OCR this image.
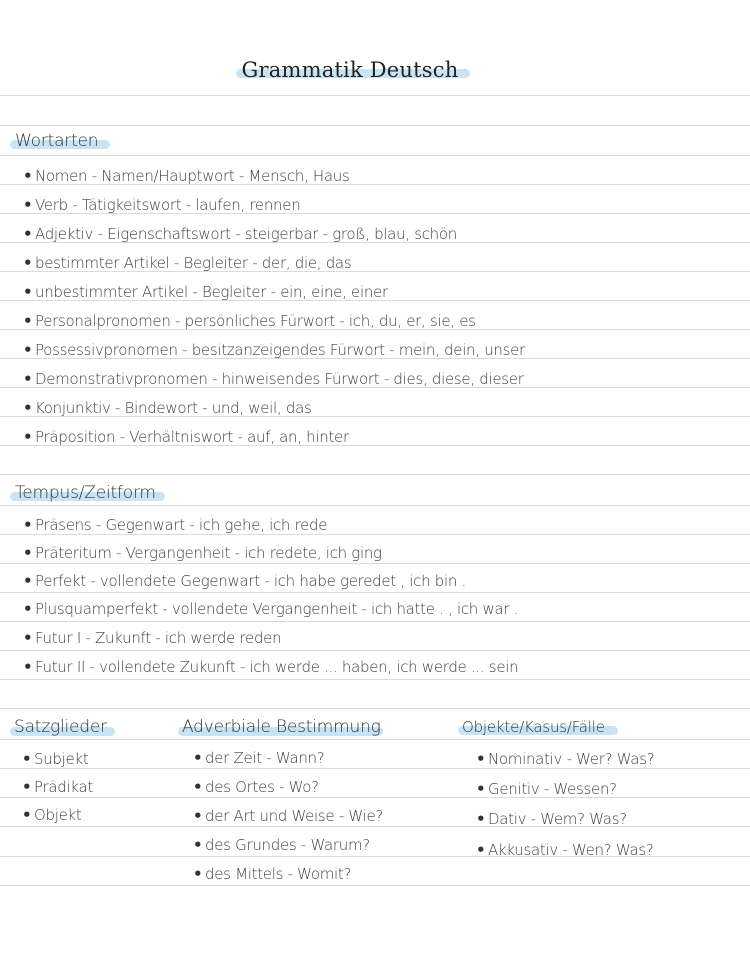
Grammatik Deutsch
Wortarten
• Nomen - Namen/Hauptwort - Mensch, Haus
• Verb - Tätigkeitswort - laufen, rennen
• Adjektiv - Eigenschaftswort - steigerbar - groß, blau, schön
• bestimmter Artikel - Begleiter - der, die, das
• unbestimmter Artikel - Begleiter - ein, eine, einer
• Personalpronomen - persönliches Fürwort - ich, du, er, sie, es
• Possessivpronomen - besitzanzeigendes Fürwort - mein, dein, unser
• Demonstrativpronomen - hinweisendes Fürwort - dies, diese, dieser
• Konjunktiv - Bindewort - und, weil, das
• Präposition - Verhältniswort - auf, an, hinter
Tempus/Zeitform
• Präsens - Gegenwart - ich gehe, ich rede
• Präteritum - Vergangenheit - ich redete, ich ging
• Perfekt - vollendete Gegenwart - ich habe geredet , ich bin .
• Plusquamperfekt - vollendete Vergangenheit - ich hatte . , ich war .
• Futur I - Zukunft - ich werde reden
• Futur II - vollendete Zukunft - ich werde ... haben, ich werde ... sein
Satzglieder
• Subjekt
• Prädikat
• Objekt
Adverbiale Bestimmung
• der Zeit - Wann?
• des Ortes - Wo?
• der Art und Weise - Wie?
• des Grundes - Warum?
• des Mittels - Womit?
Objekte/Kasus/Fälle
• Nominativ - Wer? Was?
• Genitiv - Wessen?
• Dativ - Wem? Was?
• Akkusativ - Wen? Was?
